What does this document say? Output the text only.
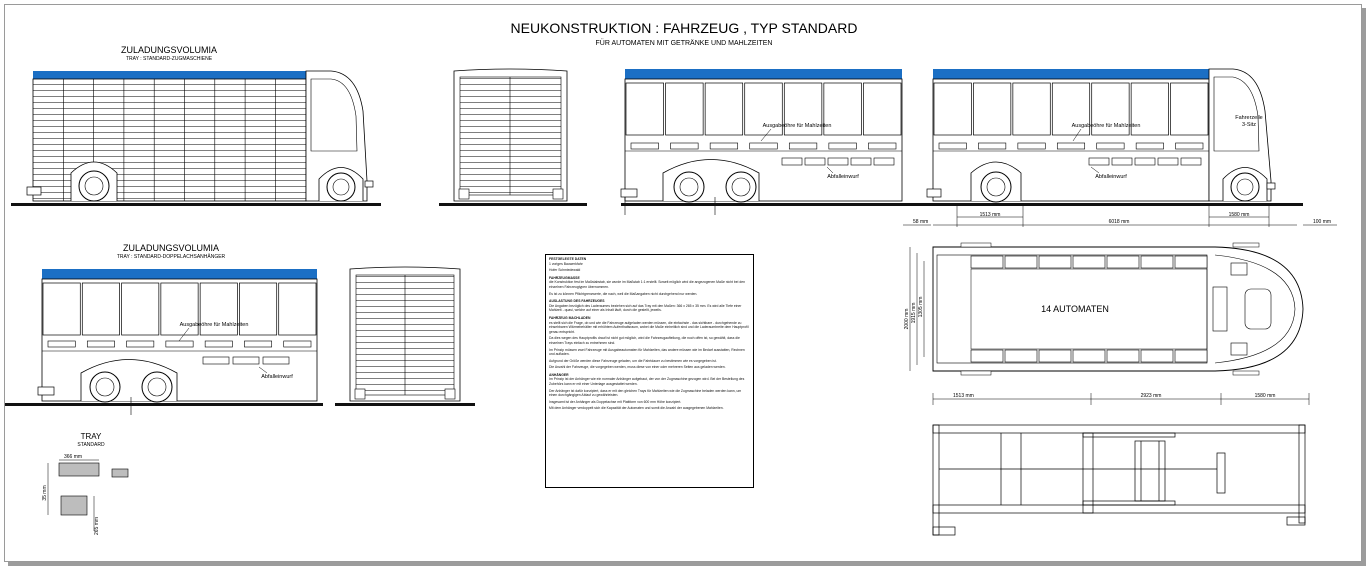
NEUKONSTRUKTION : FAHRZEUG , TYP STANDARD
FÜR AUTOMATEN MIT GETRÄNKE UND MAHLZEITEN
ZULADUNGSVOLUMIA
TRAY : STANDARD-ZUGMASCHIENE
ZULADUNGSVOLUMIA
TRAY : STANDARD-DOPPELACHSANHÄNGER
Ausgabeöhre für Mahlzeiten
Abfalleinwurf
Ausgabeöhre für Mahlzeiten
Abfalleinwurf
Fahrerzelle
3-Sitz
58 mm
1513 mm
6018 mm
1580 mm
100 mm
Ausgabeöhre für Mahlzeiten
Abfalleinwurf
TRAY
STANDARD
366 mm
35 mm
265 mm
14 AUTOMATEN
2000 mm 1915 mm 1305 mm
1513 mm	2923 mm	1580 mm
FESTGELEGTE DATEN

1 voriges Bauwerkfahr

Hofer Schmiedewald

FAHRZEUGMASSE

die Konstruktion fest im Maßstabstab, sie wurde im Maßstab 1:1 erstellt. Soweit möglich wird die angezogenen Maße nicht bei den einzelnen Fahrzeugtypen übernommen.

Es ist zu können Pflichtgrenzwerte, die nach, weil die Maßangaben nicht durchgehend nur werden.

AUSLASTUNG DES FAHRZEUGES

Die Angaben bezüglich des Laderaumes beziehen sich auf das Tray mit den Maßen: 366 x 265 x 35 mm. Es wird alle Tiefe einer Mahlzeit - quasi, welche auf einer als Inhalt läuft, durch die gestellt, jeweils.

FAHRZEUG MACHLADEN

es stellt sich die Frage, ob und wie die Fahrzeuge aufgeladen werden müssen, die einfachste - das sichtbare - durchgehende zu einsehbaren Wärmebehälter mit erhöhtem Aufenthaltsraum, wobei die Maße einheitlich sind und die Laderaumbreite dem Hauptprofil genau entspricht.

Da dies wegen des Hauptprofils drauf ist nicht gut möglich, wird die Fahrzeugaufteilung, die noch offen ist, so gewählt, dass die einzelnen Trays einfach zu entnehmen sind.

Im Prinzip müssen zwei Fahrzeuge mit Ausgabeautomaten für Mahlzeiten, das andere müssen wie im Bedarf ausstatten, Rechnen und aufladen.

Aufgrund der Größe werden diese Fahrzeuge geladen, um die Fahrtdauer zu bestimmen wie es vorgegeben ist.

Die Anzahl der Fahrzeuge, die vorgegeben werden, muss diese von einer oder mehreren Seiten aus geladen werden.

ANHÄNGER

Im Prinzip ist der Anhänger wie ein normaler Anhänger aufgebaut, der von der Zugmaschine gezogen wird. Bei der Bestellung des Zubehörs kann er mit einer Unterlage ausgestattet werden.

Der Anhänger ist dafür konzipiert, dass er mit den gleichen Trays für Mahlzeiten wie die Zugmaschine beladen werden kann, um einen durchgängigen Ablauf zu gewährleisten.

Insgesamt ist der Anhänger als Doppelachse mit Plattform von 600 mm Höhe konzipiert.

Mit dem Anhänger verdoppelt sich die Kapazität der Automaten und somit die Anzahl der ausgegebenen Mahlzeiten.
